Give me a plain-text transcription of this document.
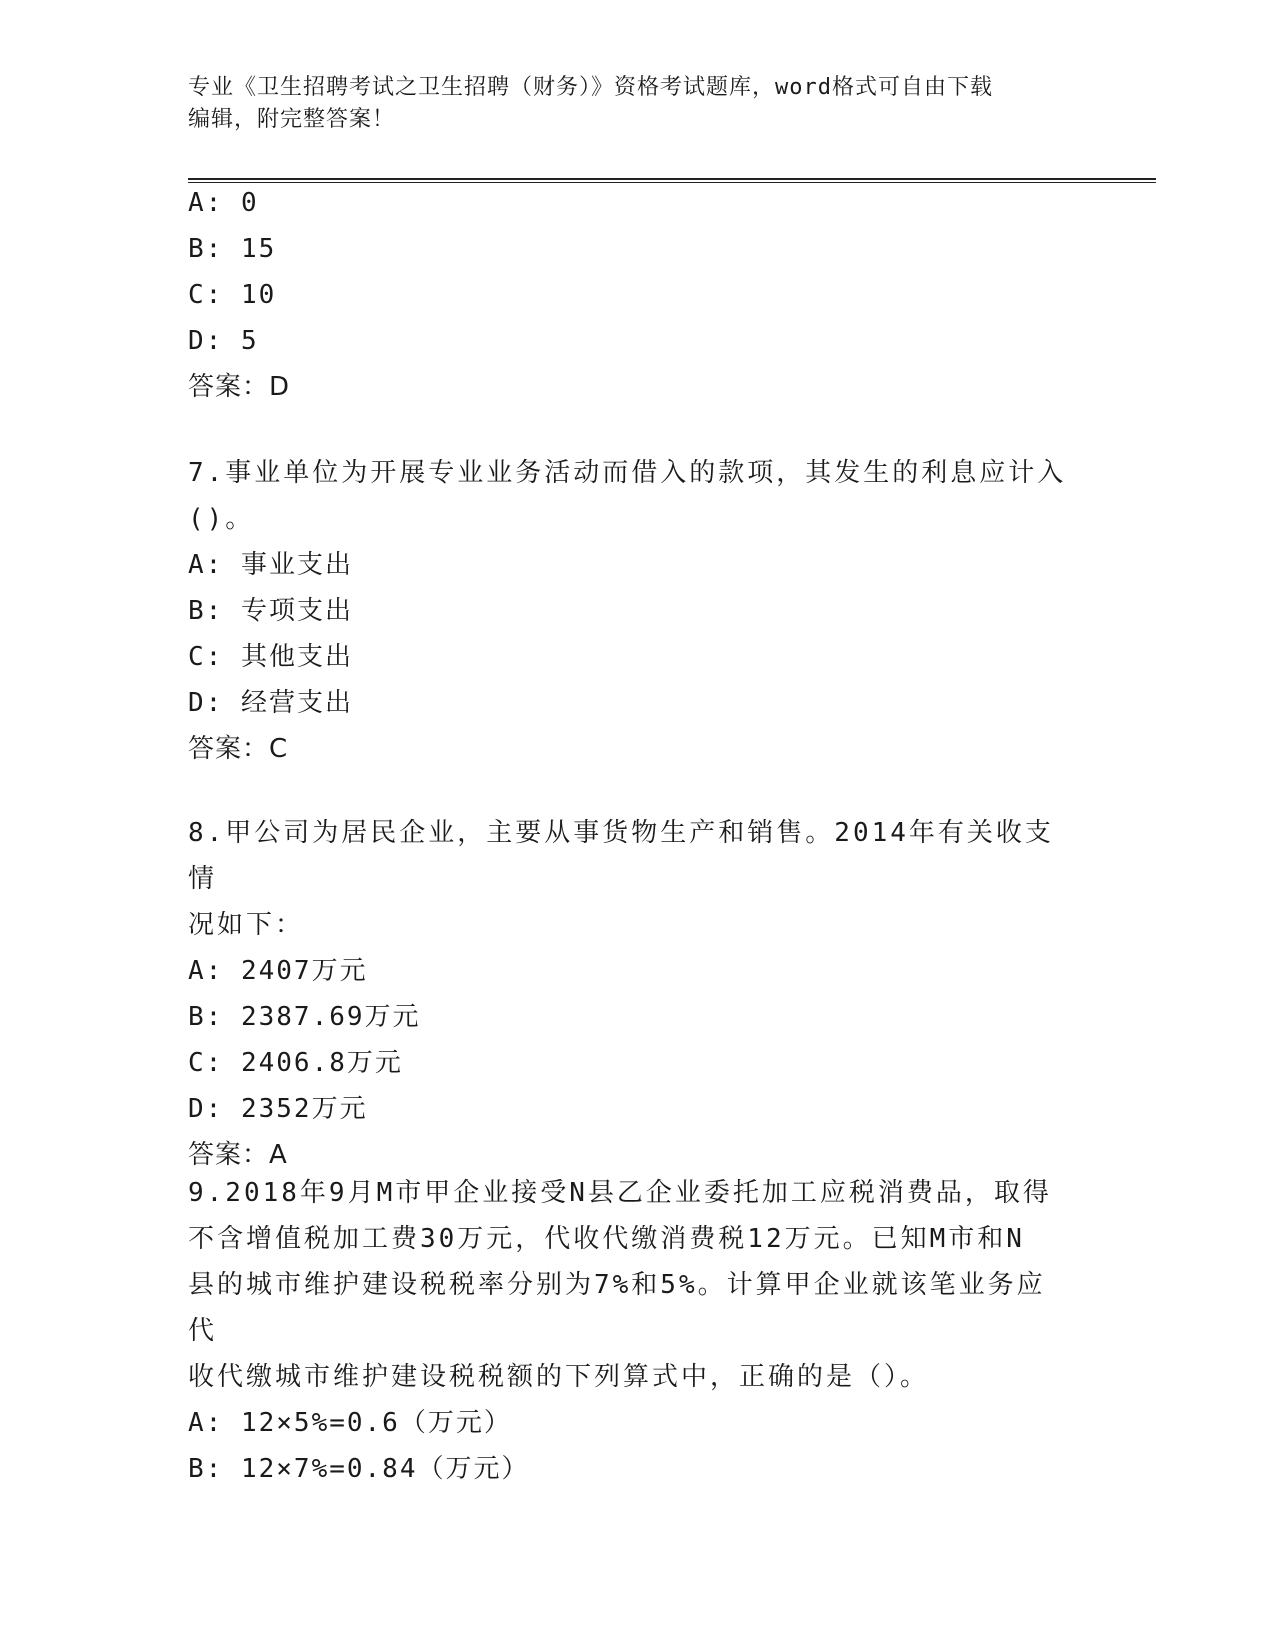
专业《卫生招聘考试之卫生招聘（财务）》资格考试题库，word格式可自由下载
编辑，附完整答案！
A: 0
B: 15
C: 10
D: 5
答案：D
7.事业单位为开展专业业务活动而借入的款项，其发生的利息应计入
()。
A: 事业支出
B: 专项支出
C: 其他支出
D: 经营支出
答案：C
8.甲公司为居民企业，主要从事货物生产和销售。2014年有关收支情
况如下：
A: 2407万元
B: 2387.69万元
C: 2406.8万元
D: 2352万元
答案：A
9.2018年9月M市甲企业接受N县乙企业委托加工应税消费品，取得
不含增值税加工费30万元，代收代缴消费税12万元。已知M市和N
县的城市维护建设税税率分别为7%和5%。计算甲企业就该笔业务应代
收代缴城市维护建设税税额的下列算式中，正确的是（）。
A: 12×5%=0.6（万元）
B: 12×7%=0.84（万元）
